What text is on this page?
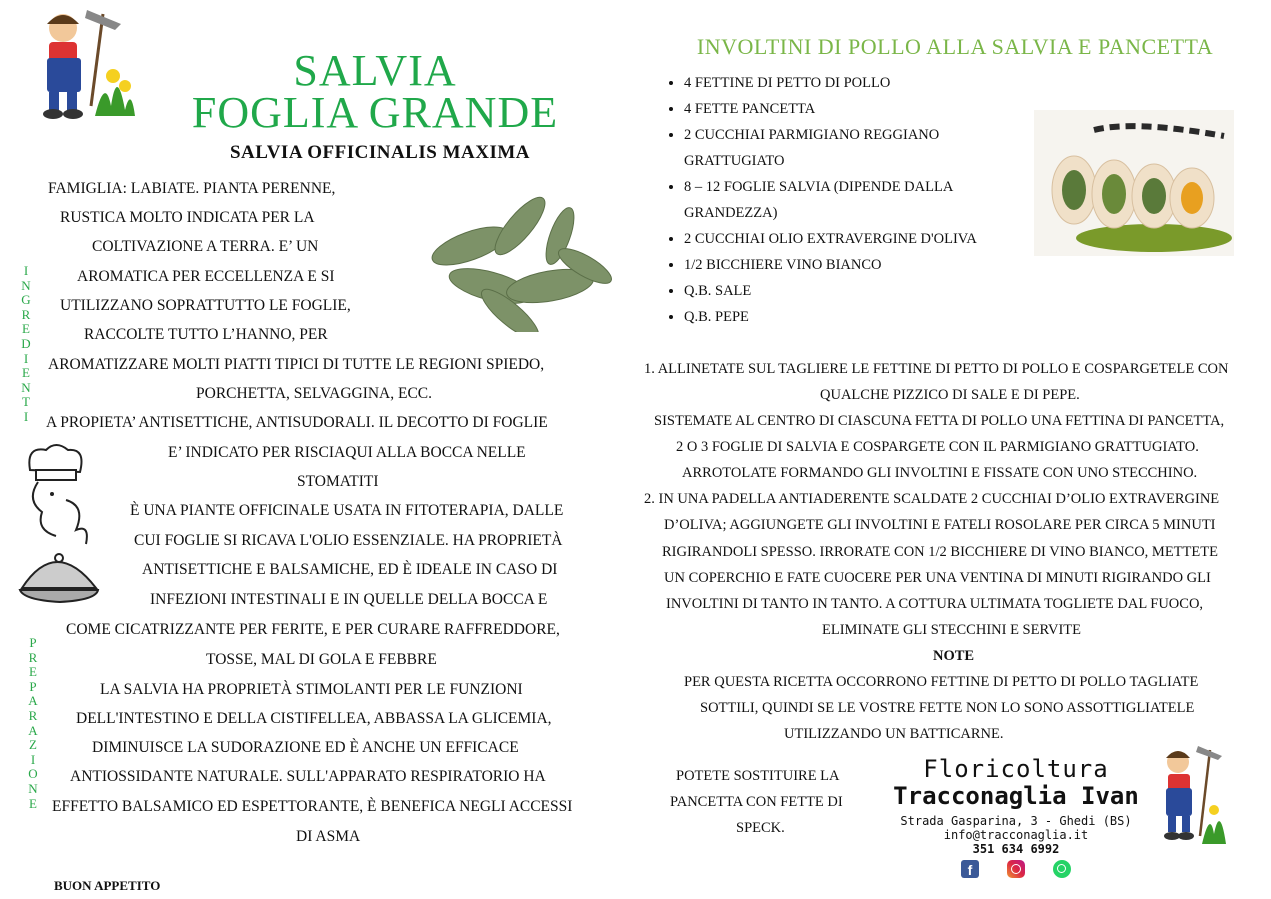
SALVIA
FOGLIA GRANDE
SALVIA OFFICINALIS MAXIMA
I
N
G
R
E
D
I
E
N
T
I
P
R
E
P
A
R
A
Z
I
O
N
E
FAMIGLIA: LABIATE. PIANTA PERENNE,
RUSTICA MOLTO INDICATA PER LA
COLTIVAZIONE A TERRA. E’ UN
AROMATICA PER ECCELLENZA E SI
UTILIZZANO SOPRATTUTTO LE FOGLIE,
RACCOLTE TUTTO L’HANNO, PER
AROMATIZZARE MOLTI PIATTI TIPICI DI TUTTE LE REGIONI SPIEDO,
PORCHETTA, SELVAGGINA, ECC.
A PROPIETA’ ANTISETTICHE, ANTISUDORALI. IL DECOTTO DI FOGLIE
E’ INDICATO PER RISCIAQUI ALLA BOCCA NELLE
STOMATITI
È UNA PIANTE OFFICINALE USATA IN FITOTERAPIA, DALLE
CUI FOGLIE SI RICAVA L'OLIO ESSENZIALE. HA PROPRIETÀ
ANTISETTICHE E BALSAMICHE, ED È IDEALE IN CASO DI
INFEZIONI INTESTINALI E IN QUELLE DELLA BOCCA E
COME CICATRIZZANTE PER FERITE, E PER CURARE RAFFREDDORE,
TOSSE, MAL DI GOLA E FEBBRE
LA SALVIA HA PROPRIETÀ STIMOLANTI PER LE FUNZIONI
DELL'INTESTINO E DELLA CISTIFELLEA, ABBASSA LA GLICEMIA,
DIMINUISCE LA SUDORAZIONE ED È ANCHE UN EFFICACE
ANTIOSSIDANTE NATURALE. SULL'APPARATO RESPIRATORIO HA
EFFETTO BALSAMICO ED ESPETTORANTE, È BENEFICA NEGLI ACCESSI
DI ASMA
BUON APPETITO
INVOLTINI DI POLLO ALLA SALVIA E PANCETTA
• 4 FETTINE DI PETTO DI POLLO
• 4 FETTE PANCETTA
• 2 CUCCHIAI PARMIGIANO REGGIANO GRATTUGIATO
• 8 – 12 FOGLIE SALVIA (DIPENDE DALLA GRANDEZZA)
• 2 CUCCHIAI OLIO EXTRAVERGINE D'OLIVA
• 1/2 BICCHIERE VINO BIANCO
• Q.B. SALE
• Q.B. PEPE
1. ALLINETATE SUL TAGLIERE LE FETTINE DI PETTO DI POLLO E COSPARGETELE CON
QUALCHE PIZZICO DI SALE E DI PEPE.
SISTEMATE AL CENTRO DI CIASCUNA FETTA DI POLLO UNA FETTINA DI PANCETTA,
2 O 3 FOGLIE DI SALVIA E COSPARGETE CON IL PARMIGIANO GRATTUGIATO.
ARROTOLATE FORMANDO GLI INVOLTINI E FISSATE CON UNO STECCHINO.
2. IN UNA PADELLA ANTIADERENTE SCALDATE 2 CUCCHIAI D’OLIO EXTRAVERGINE
D’OLIVA; AGGIUNGETE GLI INVOLTINI E FATELI ROSOLARE PER CIRCA 5 MINUTI
RIGIRANDOLI SPESSO. IRRORATE CON 1/2 BICCHIERE DI VINO BIANCO, METTETE
UN COPERCHIO E FATE CUOCERE PER UNA VENTINA DI MINUTI RIGIRANDO GLI
INVOLTINI DI TANTO IN TANTO. A COTTURA ULTIMATA TOGLIETE DAL FUOCO,
ELIMINATE GLI STECCHINI E SERVITE
NOTE
PER QUESTA RICETTA OCCORRONO FETTINE DI PETTO DI POLLO TAGLIATE
SOTTILI, QUINDI SE LE VOSTRE FETTE NON LO SONO ASSOTTIGLIATELE
UTILIZZANDO UN BATTICARNE.
POTETE SOSTITUIRE LA
PANCETTA CON FETTE DI
SPECK.
Floricoltura
Tracconaglia Ivan
Strada Gasparina, 3 - Ghedi (BS)
info@tracconaglia.it
351 634 6992
f
